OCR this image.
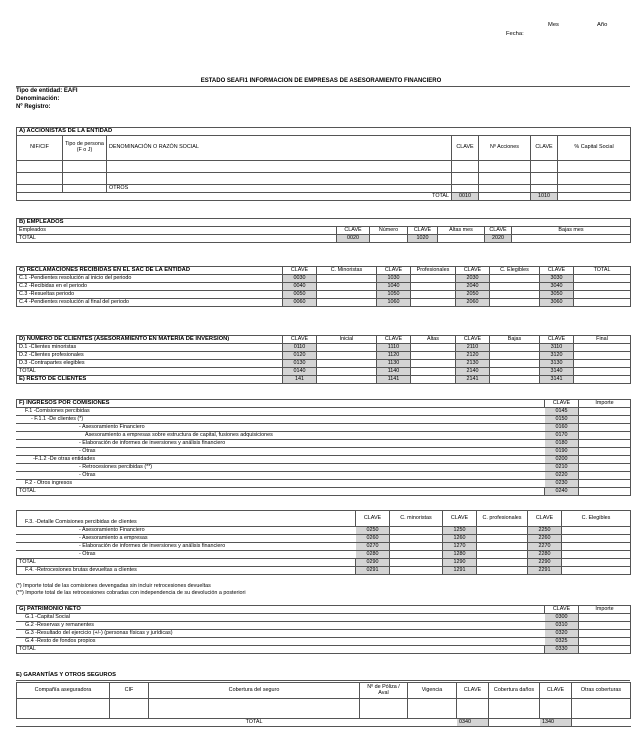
Mes	Año
Fecha:
ESTADO SEAFI1 INFORMACION DE EMPRESAS DE ASESORAMIENTO FINANCIERO
Tipo de entidad: EAFI
Denominación:
Nº Registro:
A) ACCIONISTAS DE LA ENTIDAD						
NIF/CIF	Tipo de persona (F o J)	DENOMINACIÓN O RAZÓN SOCIAL	CLAVE	Nº Acciones	CLAVE	% Capital Social

		OTROS				
TOTAL			0010		1010	
B) EMPLEADOS						
Empleados	CLAVE	Número	CLAVE	Altas mes	CLAVE	Bajas mes
TOTAL	0020		1020		2020	
C) RECLAMACIONES RECIBIDAS EN EL SAC DE LA ENTIDAD	CLAVE	C. Minoristas	CLAVE	Profesionales	CLAVE	C. Elegibles	CLAVE	TOTAL
C.1 -Pendientes resolución al inicio del periodo	0030		1030		2030		3030	
C.2 -Recibidas en el periodo	0040		1040		2040		3040	
C.3 -Resueltas periodo	0050		1050		2050		3050	
C.4 -Pendientes resolución al final del periodo	0060		1060		2060		3060	
D) NÚMERO DE CLIENTES (ASESORAMIENTO EN MATERIA DE INVERSIÓN)	CLAVE	Inicial	CLAVE	Altas	CLAVE	Bajas	CLAVE	Final
D.1 -Clientes minoristas	0110		1110		2110		3110	
D.2 -Clientes profesionales	0120		1120		2120		3120	
D.3 -Contrapartes elegibles	0130		1130		2130		3130	
TOTAL	0140		1140		2140		3140	
E) RESTO DE CLIENTES	141		1141		2141		3141	
F) INGRESOS POR COMISIONES	CLAVE	Importe
F.1 -Comisiones percibidas	0145	
- F.1.1 -De clientes (*)	0150	
- Asesoramiento Financiero	0160	
Asesoramiento a empresas sobre estructura de capital, fusiones adquisiciones	0170	
- Elaboración de informes de inversiones y análisis financiero	0180	
- Otras	0190	
-F.1.2 -De otras entidades	0200	
- Retrocesiones percibidas (**)	0210	
- Otras	0220	
F.2 - Otros ingresos	0230	
TOTAL	0240	
F.3. -Detalle Comisiones percibidas de clientes	CLAVE	C. minoristas	CLAVE	C. profesionales	CLAVE	C. Elegibles
- Asesoramiento Financiero	0250		1250		2250	
- Asesoramiento a empresas	0260		1260		2260	
- Elaboración de informes de inversiones y análisis financiero	0270		1270		2270	
- Otras	0280		1280		2280	
TOTAL	0290		1290		2290	
F.4. -Retrocesiones brutas devueltas a clientes	0291		1291		2291	
(*) Importe total de las comisiones devengadas sin incluir retrocesiones devueltas
(**) Importe total de las retrocesiones cobradas con independencia de su devolución a posteriori
G) PATRIMONIO NETO	CLAVE	Importe
G.1 -Capital Social	0300	
G.2 -Reservas y remanentes	0310	
G.3 -Resultado del ejercicio (+/-) (personas físicas y jurídicas)	0320	
G.4 -Resto de fondos propios	0325	
TOTAL	0330	
E) GARANTÍAS Y OTROS SEGUROS
Compañía aseguradora	CIF	Cobertura del seguro	Nº de Póliza / Aval	Vigencia	CLAVE	Cobertura daños	CLAVE	Otras coberturas

		TOTAL			0340		1340	
